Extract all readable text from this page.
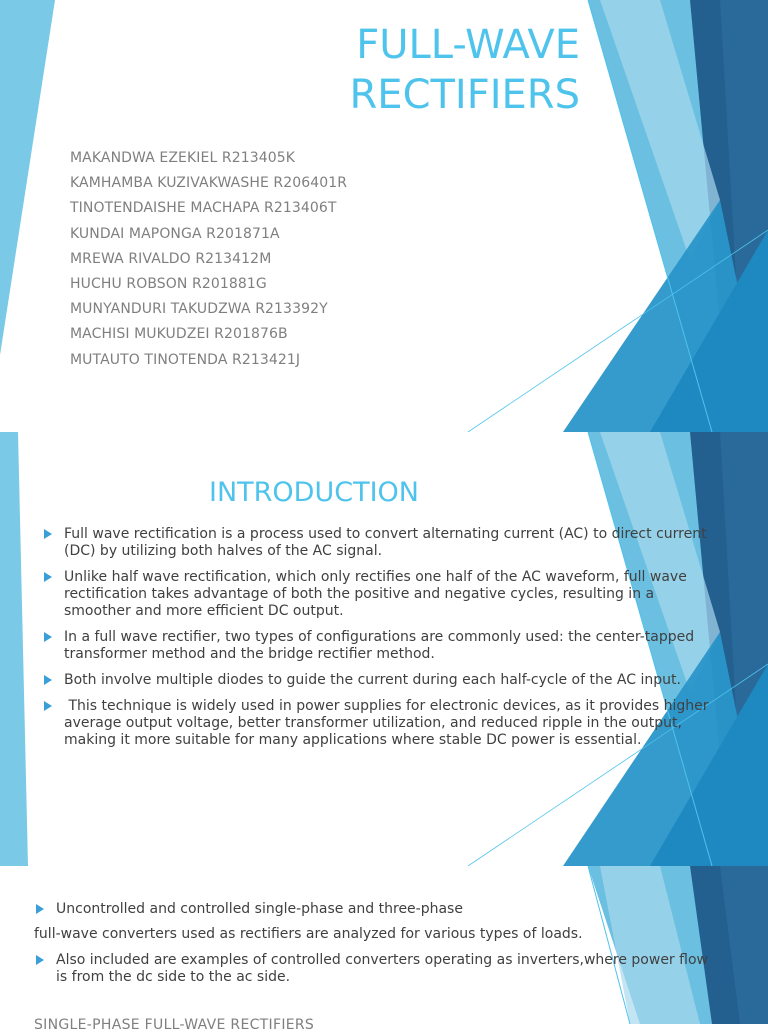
FULL-WAVE
RECTIFIERS
MAKANDWA EZEKIEL R213405K
KAMHAMBA KUZIVAKWASHE R206401R
TINOTENDAISHE MACHAPA R213406T
KUNDAI MAPONGA R201871A
MREWA RIVALDO R213412M
HUCHU ROBSON R201881G
MUNYANDURI TAKUDZWA R213392Y
MACHISI MUKUDZEI R201876B
MUTAUTO TINOTENDA R213421J
INTRODUCTION
Full wave rectification is a process used to convert alternating current (AC) to direct current (DC) by utilizing both halves of the AC signal.
Unlike half wave rectification, which only rectifies one half of the AC waveform, full wave rectification takes advantage of both the positive and negative cycles, resulting in a smoother and more efficient DC output.
In a full wave rectifier, two types of configurations are commonly used: the center-tapped transformer method and the bridge rectifier method.
Both involve multiple diodes to guide the current during each half-cycle of the AC input.
This technique is widely used in power supplies for electronic devices, as it provides higher average output voltage, better transformer utilization, and reduced ripple in the output, making it more suitable for many applications where stable DC power is essential.
Uncontrolled and controlled single-phase and three-phase
full-wave converters used as rectifiers are analyzed for various types of loads.
Also included are examples of controlled converters operating as inverters,where power flow is from the dc side to the ac side.
SINGLE-PHASE FULL-WAVE RECTIFIERS
